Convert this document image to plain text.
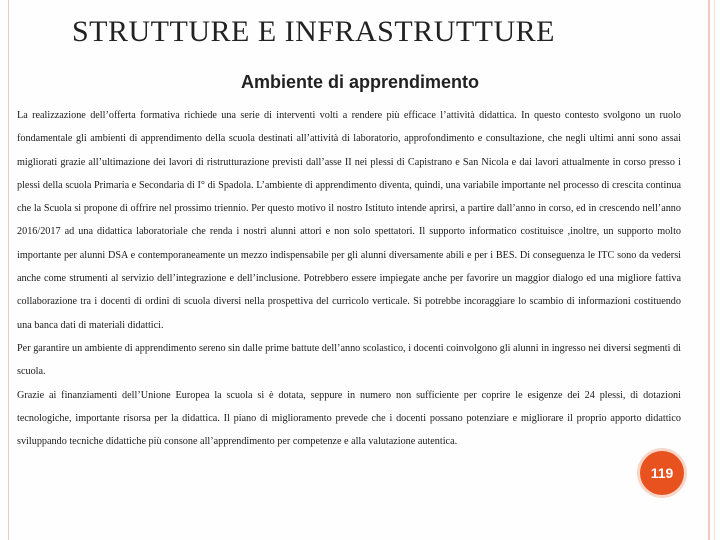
STRUTTURE E INFRASTRUTTURE
Ambiente di apprendimento

La realizzazione dell’offerta formativa richiede una serie di interventi volti a rendere più efficace l’attività didattica. In questo contesto svolgono un ruolo fondamentale gli ambienti di apprendimento della scuola destinati all’attività di laboratorio, approfondimento e consultazione, che negli ultimi anni sono assai migliorati grazie all’ultimazione dei lavori di ristrutturazione previsti dall’asse II nei plessi di Capistrano e San Nicola e dai lavori attualmente in corso presso i plessi della scuola Primaria e Secondaria di I° di Spadola. L’ambiente di apprendimento diventa, quindi, una variabile importante nel processo di crescita continua che la Scuola si propone di offrire nel prossimo triennio. Per questo motivo il nostro Istituto intende aprirsi, a partire dall’anno in corso, ed in crescendo nell’anno 2016/2017 ad una didattica laboratoriale che renda i nostri alunni attori e non solo spettatori. Il supporto informatico costituisce ,inoltre, un supporto molto importante per alunni DSA e contemporaneamente un mezzo indispensabile per gli alunni diversamente abili e per i BES. Di conseguenza le ITC sono da vedersi anche come strumenti al servizio dell’integrazione e dell’inclusione. Potrebbero essere impiegate anche per favorire un maggior dialogo ed una migliore fattiva collaborazione tra i docenti di ordini di scuola diversi nella prospettiva del curricolo verticale. Si potrebbe incoraggiare lo scambio di informazioni costituendo una banca dati di materiali didattici.

Per garantire un ambiente di apprendimento sereno sin dalle prime battute dell’anno scolastico, i docenti coinvolgono gli alunni in ingresso nei diversi segmenti di scuola.

Grazie ai finanziamenti dell’Unione Europea la scuola si è dotata, seppure in numero non sufficiente per coprire le esigenze dei 24 plessi, di dotazioni tecnologiche, importante risorsa per la didattica. Il piano di miglioramento prevede che i docenti possano potenziare e migliorare il proprio apporto didattico sviluppando tecniche didattiche più consone all’apprendimento per competenze e alla valutazione autentica.

119
